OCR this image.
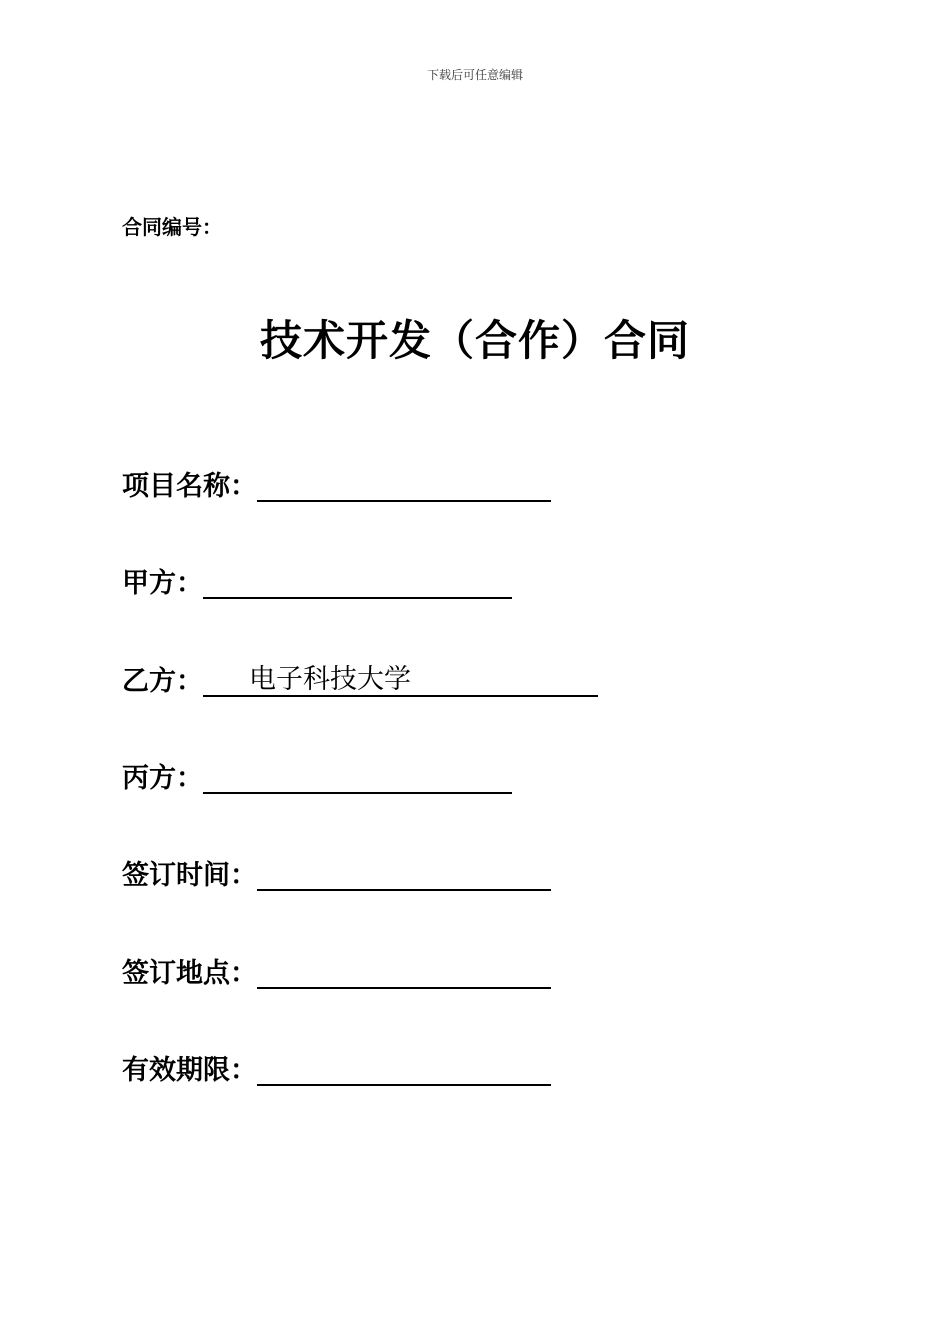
下载后可任意编辑
合同编号：
技术开发（合作）合同
项目名称：
甲方：
乙方：	电子科技大学
丙方：
签订时间：
签订地点：
有效期限：
